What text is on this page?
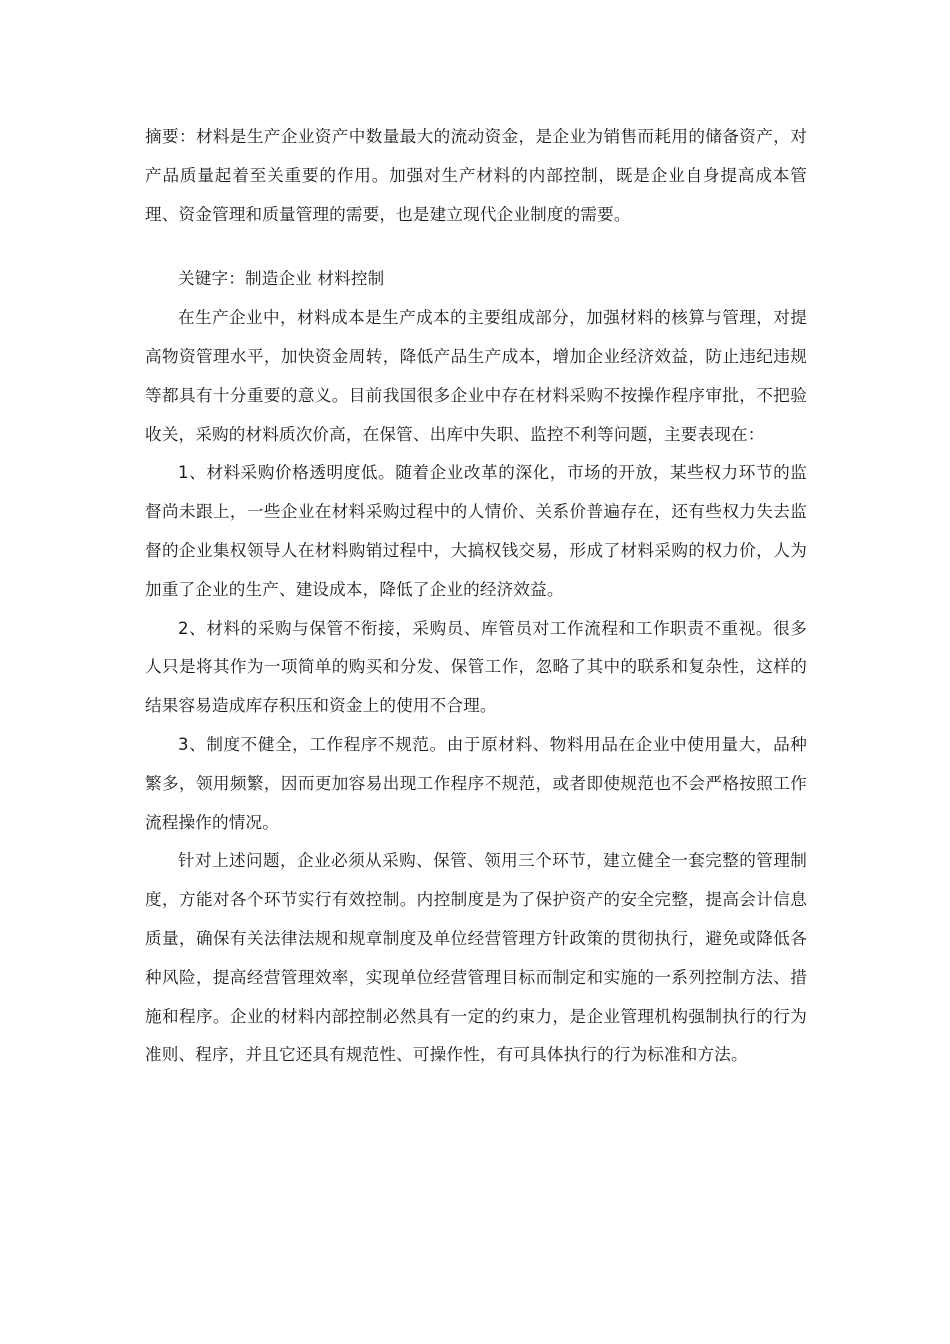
摘要：材料是生产企业资产中数量最大的流动资金，是企业为销售而耗用的储备资产，对产品质量起着至关重要的作用。加强对生产材料的内部控制，既是企业自身提高成本管理、资金管理和质量管理的需要，也是建立现代企业制度的需要。

关键字：制造企业 材料控制

在生产企业中，材料成本是生产成本的主要组成部分，加强材料的核算与管理，对提高物资管理水平，加快资金周转，降低产品生产成本，增加企业经济效益，防止违纪违规等都具有十分重要的意义。目前我国很多企业中存在材料采购不按操作程序审批，不把验收关，采购的材料质次价高，在保管、出库中失职、监控不利等问题，主要表现在：

1、材料采购价格透明度低。随着企业改革的深化，市场的开放，某些权力环节的监督尚未跟上，一些企业在材料采购过程中的人情价、关系价普遍存在，还有些权力失去监督的企业集权领导人在材料购销过程中，大搞权钱交易，形成了材料采购的权力价，人为加重了企业的生产、建设成本，降低了企业的经济效益。

2、材料的采购与保管不衔接，采购员、库管员对工作流程和工作职责不重视。很多人只是将其作为一项简单的购买和分发、保管工作，忽略了其中的联系和复杂性，这样的结果容易造成库存积压和资金上的使用不合理。

3、制度不健全，工作程序不规范。由于原材料、物料用品在企业中使用量大，品种繁多，领用频繁，因而更加容易出现工作程序不规范，或者即使规范也不会严格按照工作流程操作的情况。

针对上述问题，企业必须从采购、保管、领用三个环节，建立健全一套完整的管理制度，方能对各个环节实行有效控制。内控制度是为了保护资产的安全完整，提高会计信息质量，确保有关法律法规和规章制度及单位经营管理方针政策的贯彻执行，避免或降低各种风险，提高经营管理效率，实现单位经营管理目标而制定和实施的一系列控制方法、措施和程序。企业的材料内部控制必然具有一定的约束力，是企业管理机构强制执行的行为准则、程序，并且它还具有规范性、可操作性，有可具体执行的行为标准和方法。
